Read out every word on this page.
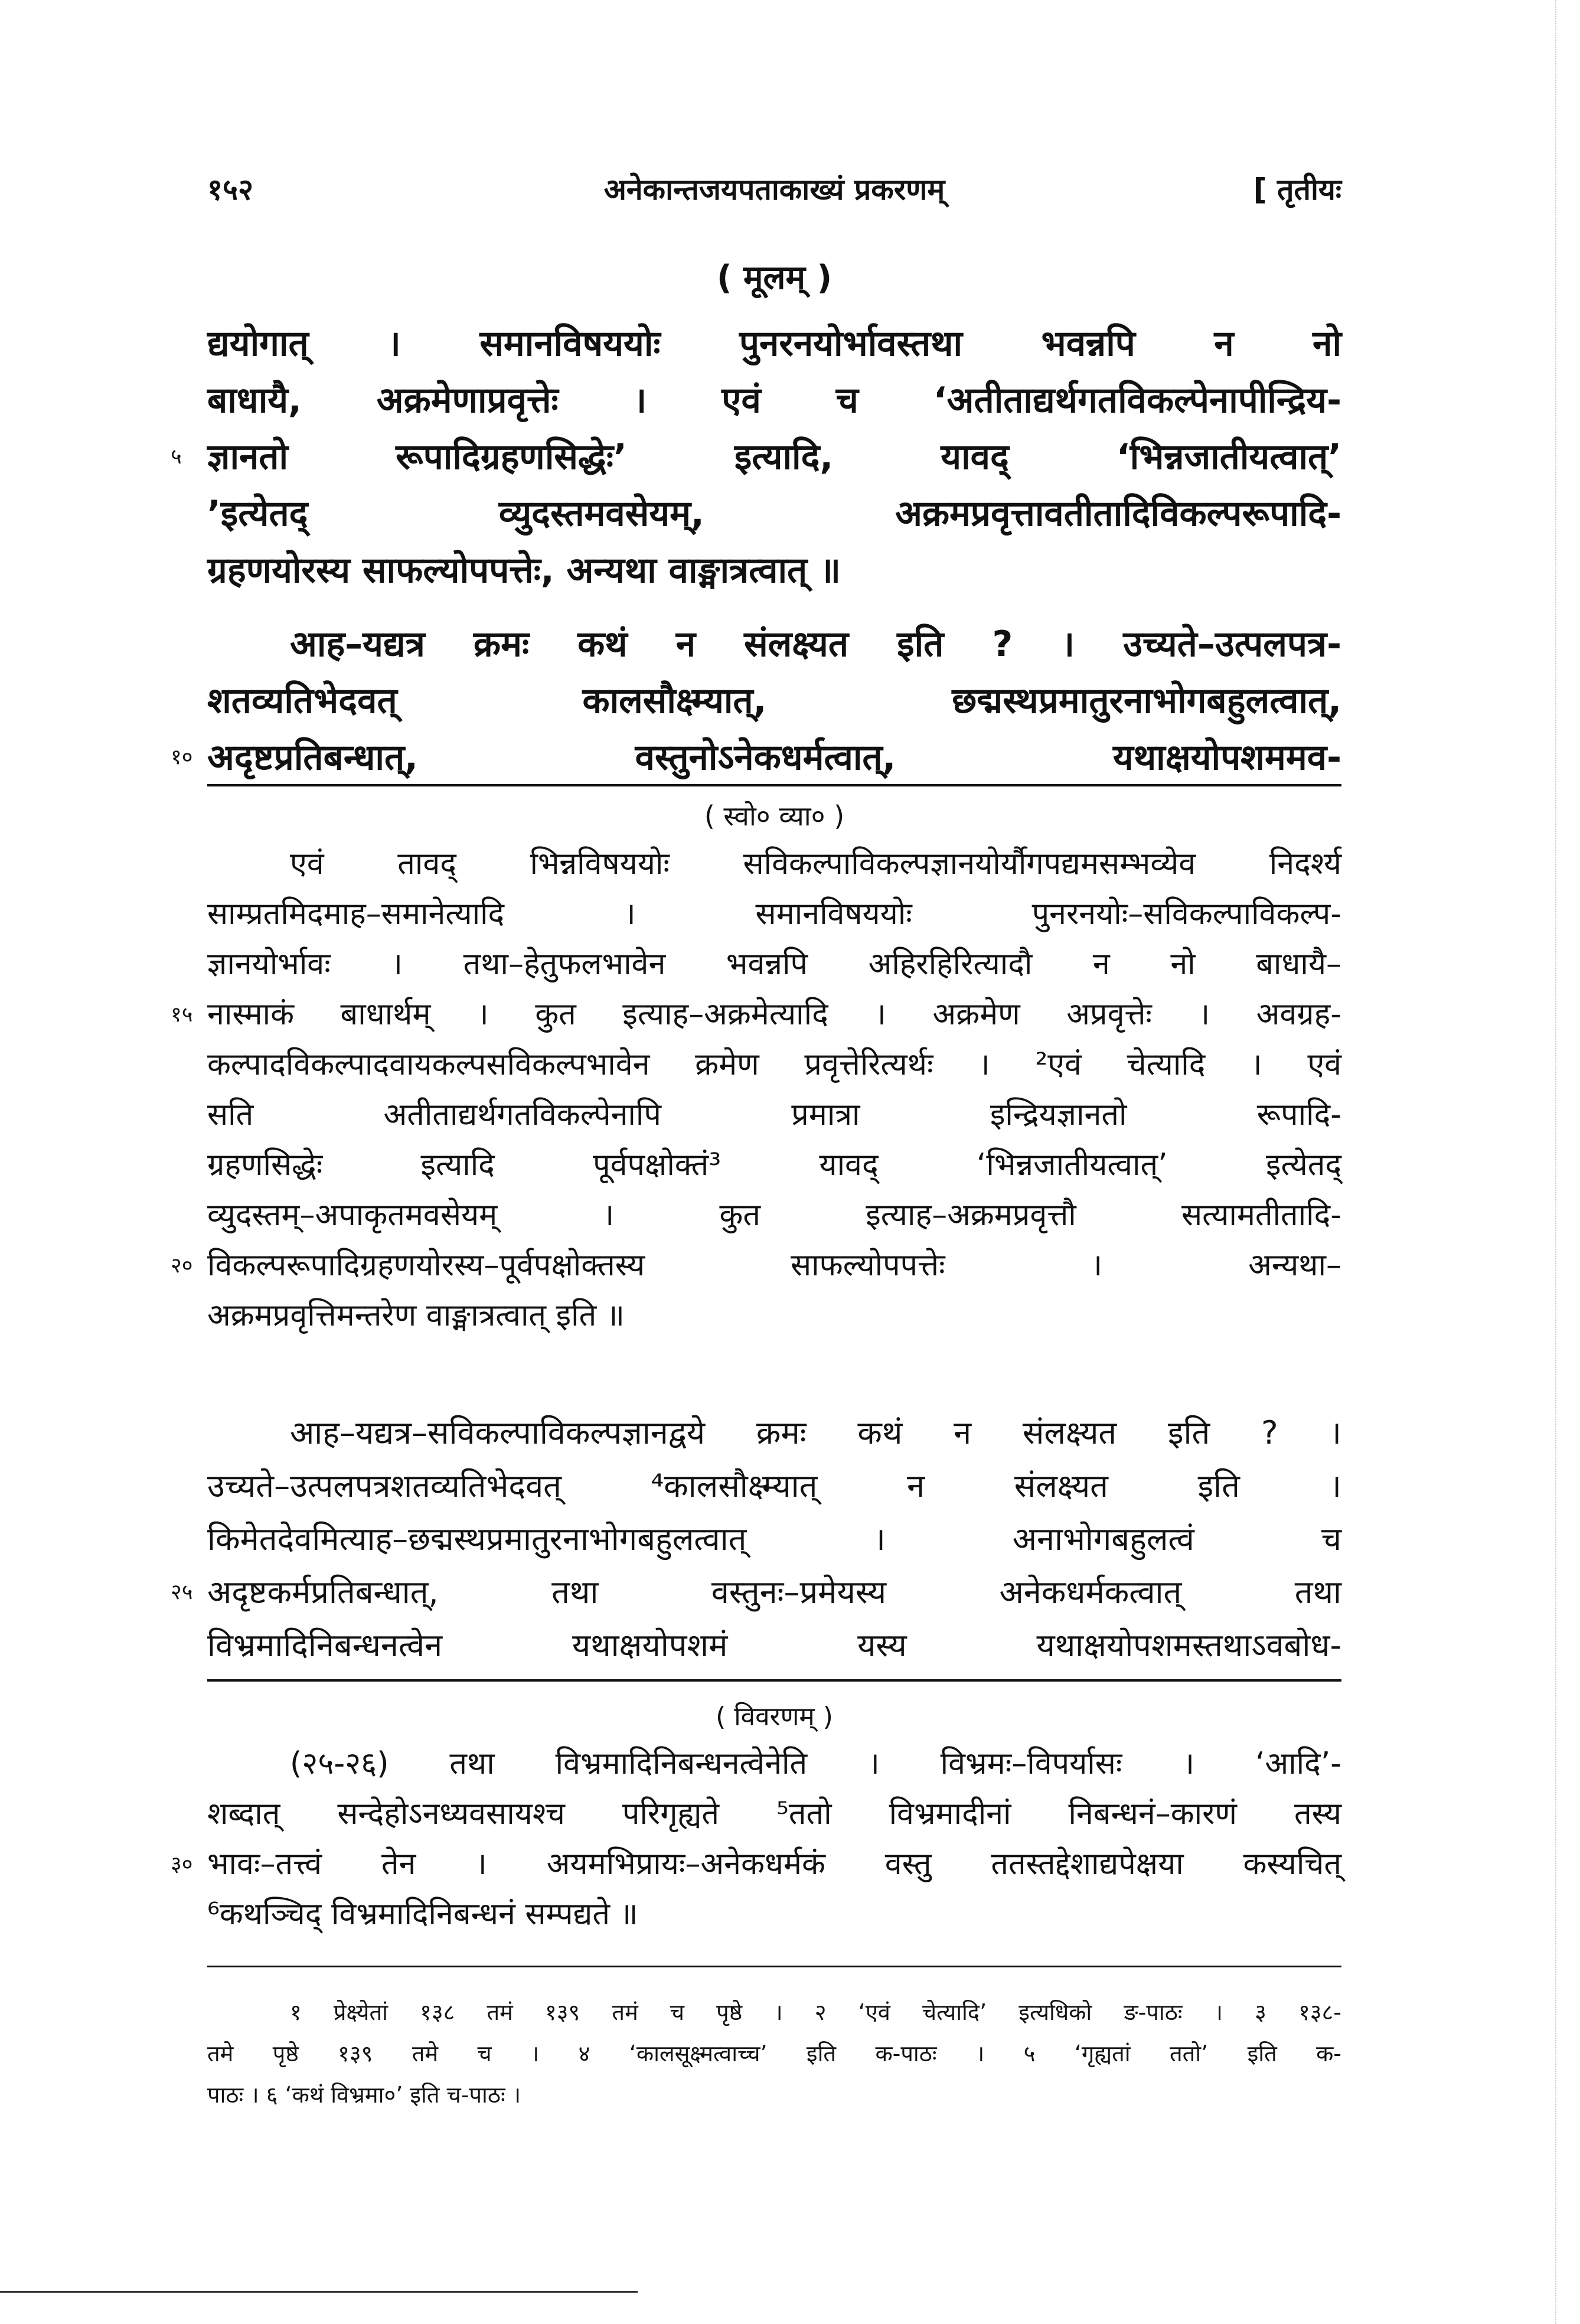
१५२	अनेकान्तजयपताकाख्यं प्रकरणम्	[ तृतीयः
( मूलम् )
द्ययोगात् । समानविषययोः पुनरनयोर्भावस्तथा भवन्नपि न नो
बाधायै, अक्रमेणाप्रवृत्तेः । एवं च ‘अतीताद्यर्थगतविकल्पेनापीन्द्रिय-
५ ज्ञानतो रूपादिग्रहणसिद्धेः’ इत्यादि, यावद् ‘भिन्नजातीयत्वात्’
’इत्येतद् व्युदस्तमवसेयम्, अक्रमप्रवृत्तावतीतादिविकल्परूपादि-
ग्रहणयोरस्य साफल्योपपत्तेः, अन्यथा वाङ्मात्रत्वात् ॥
आह–यद्यत्र क्रमः कथं न संलक्ष्यत इति ? । उच्यते–उत्पलपत्र-
शतव्यतिभेदवत् कालसौक्ष्म्यात्, छद्मस्थप्रमातुरनाभोगबहुलत्वात्,
१० अदृष्टप्रतिबन्धात्, वस्तुनोऽनेकधर्मत्वात्, यथाक्षयोपशममव-
( स्वो० व्या० )
एवं तावद् भिन्नविषययोः सविकल्पाविकल्पज्ञानयोर्यौगपद्यमसम्भव्येव निदर्श्य
साम्प्रतमिदमाह–समानेत्यादि । समानविषययोः पुनरनयोः–सविकल्पाविकल्प-
ज्ञानयोर्भावः । तथा–हेतुफलभावेन भवन्नपि अहिरहिरित्यादौ न नो बाधायै–
१५ नास्माकं बाधार्थम् । कुत इत्याह–अक्रमेत्यादि । अक्रमेण अप्रवृत्तेः । अवग्रह-
कल्पादविकल्पादवायकल्पसविकल्पभावेन क्रमेण प्रवृत्तेरित्यर्थः । ²एवं चेत्यादि । एवं
सति अतीताद्यर्थगतविकल्पेनापि प्रमात्रा इन्द्रियज्ञानतो रूपादि-
ग्रहणसिद्धेः इत्यादि पूर्वपक्षोक्तं³ यावद् ‘भिन्नजातीयत्वात्’ इत्येतद्
व्युदस्तम्–अपाकृतमवसेयम् । कुत इत्याह–अक्रमप्रवृत्तौ सत्यामतीतादि-
२० विकल्परूपादिग्रहणयोरस्य–पूर्वपक्षोक्तस्य साफल्योपपत्तेः । अन्यथा–
अक्रमप्रवृत्तिमन्तरेण वाङ्मात्रत्वात् इति ॥
आह–यद्यत्र–सविकल्पाविकल्पज्ञानद्वये क्रमः कथं न संलक्ष्यत इति ? ।
उच्यते–उत्पलपत्रशतव्यतिभेदवत् ⁴कालसौक्ष्म्यात् न संलक्ष्यत इति ।
किमेतदेवमित्याह–छद्मस्थप्रमातुरनाभोगबहुलत्वात् । अनाभोगबहुलत्वं च
२५ अदृष्टकर्मप्रतिबन्धात्, तथा वस्तुनः–प्रमेयस्य अनेकधर्मकत्वात् तथा
विभ्रमादिनिबन्धनत्वेन यथाक्षयोपशमं यस्य यथाक्षयोपशमस्तथाऽवबोध-
( विवरणम् )
(२५-२६) तथा विभ्रमादिनिबन्धनत्वेनेति । विभ्रमः–विपर्यासः । ‘आदि’-
शब्दात् सन्देहोऽनध्यवसायश्च परिगृह्यते ⁵ततो विभ्रमादीनां निबन्धनं–कारणं तस्य
३० भावः–तत्त्वं तेन । अयमभिप्रायः–अनेकधर्मकं वस्तु ततस्तद्देशाद्यपेक्षया कस्यचित्
⁶कथञ्चिद् विभ्रमादिनिबन्धनं सम्पद्यते ॥
१ प्रेक्ष्येतां १३८ तमं १३९ तमं च पृष्ठे । २ ‘एवं चेत्यादि’ इत्यधिको ङ-पाठः । ३ १३८-
तमे पृष्ठे १३९ तमे च । ४ ‘कालसूक्ष्मत्वाच्च’ इति क-पाठः । ५ ‘गृह्यतां ततो’ इति क-
पाठः । ६ ‘कथं विभ्रमा०’ इति च-पाठः ।
